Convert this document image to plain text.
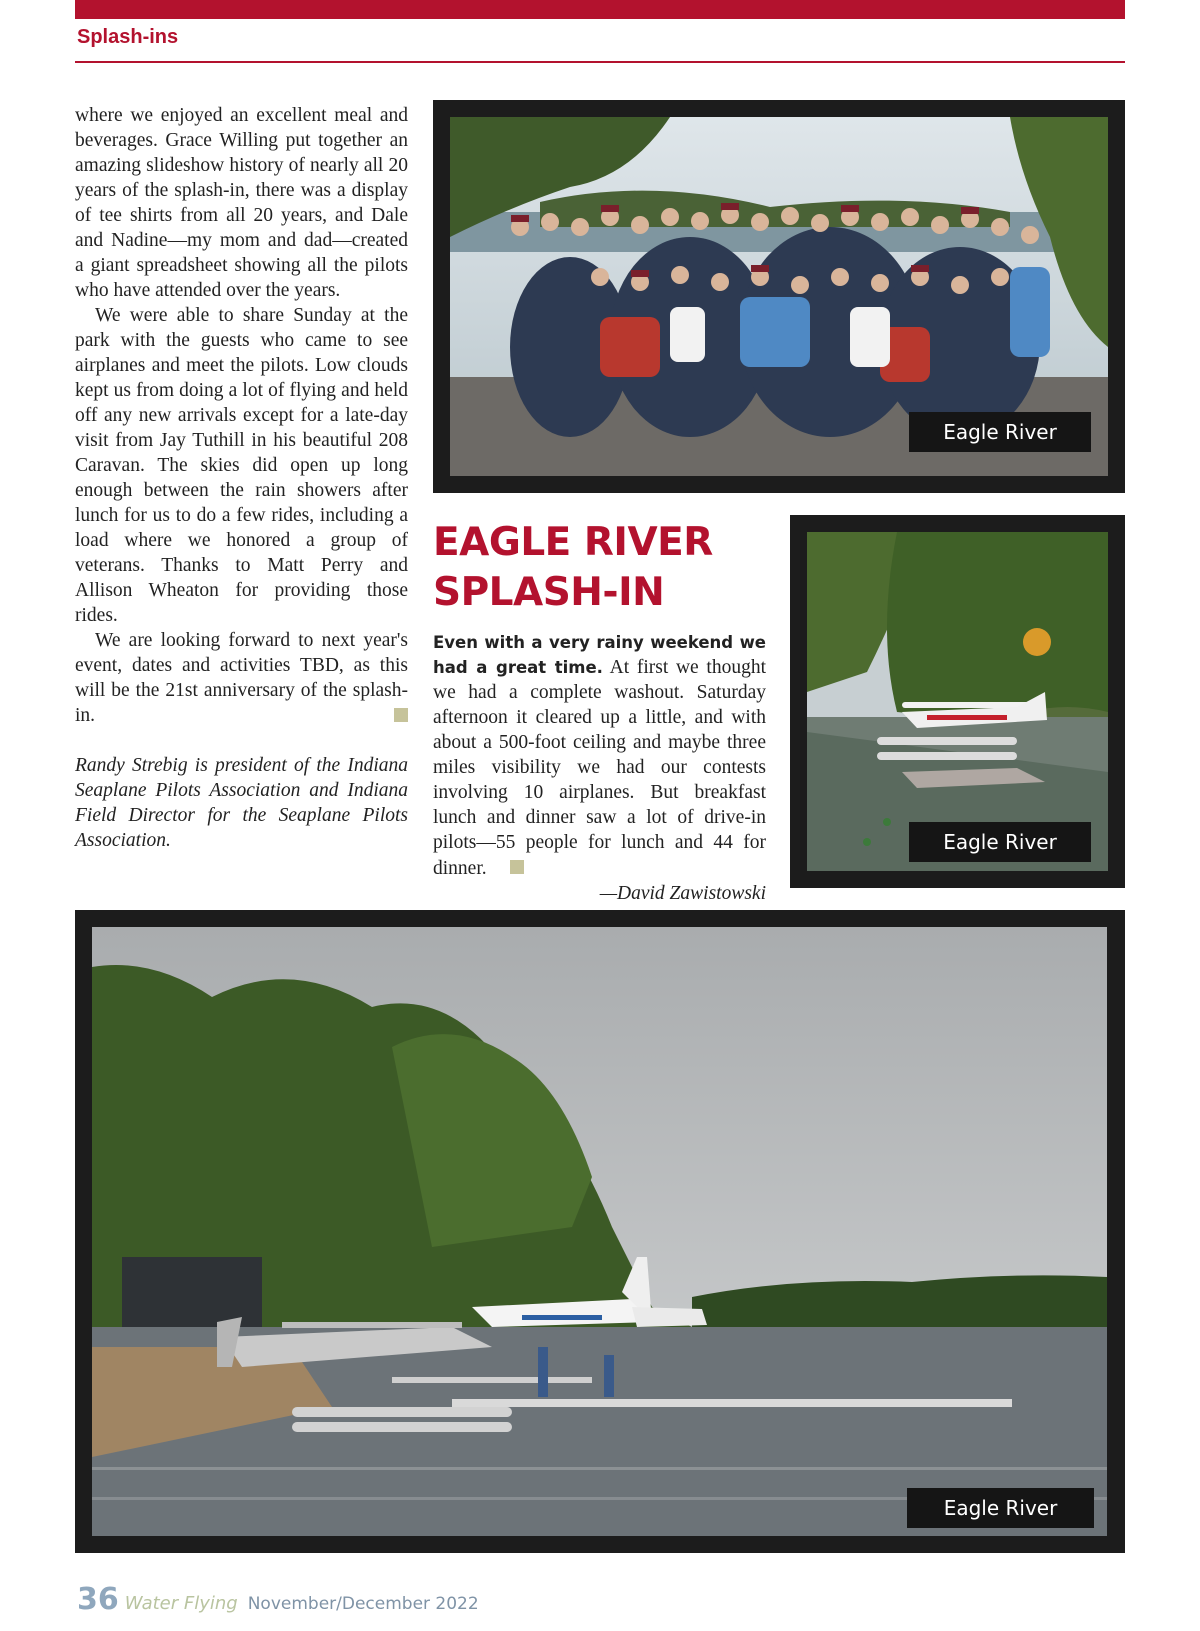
Splash-ins

where we enjoyed an excellent meal and beverages. Grace Willing put together an amazing slideshow history of nearly all 20 years of the splash-in, there was a display of tee shirts from all 20 years, and Dale and Nadine—my mom and dad—created a giant spreadsheet showing all the pilots who have attended over the years.

We were able to share Sunday at the park with the guests who came to see airplanes and meet the pilots. Low clouds kept us from doing a lot of flying and held off any new arrivals except for a late-day visit from Jay Tuthill in his beautiful 208 Caravan. The skies did open up long enough between the rain showers after lunch for us to do a few rides, including a load where we honored a group of veterans. Thanks to Matt Perry and Allison Wheaton for providing those rides.

We are looking forward to next year's event, dates and activities TBD, as this will be the 21st anniversary of the splash-in.

Randy Strebig is president of the Indiana Seaplane Pilots Association and Indiana Field Director for the Seaplane Pilots Association.

Eagle River
EAGLE RIVER
SPLASH-IN

Even with a very rainy weekend we had a great time. At first we thought we had a complete washout. Saturday afternoon it cleared up a little, and with about a 500-foot ceiling and maybe three miles visibility we had our contests involving 10 airplanes. But breakfast lunch and dinner saw a lot of drive-in pilots—55 people for lunch and 44 for dinner.

—David Zawistowski

Eagle River
Eagle River
36 Water Flying November/December 2022
